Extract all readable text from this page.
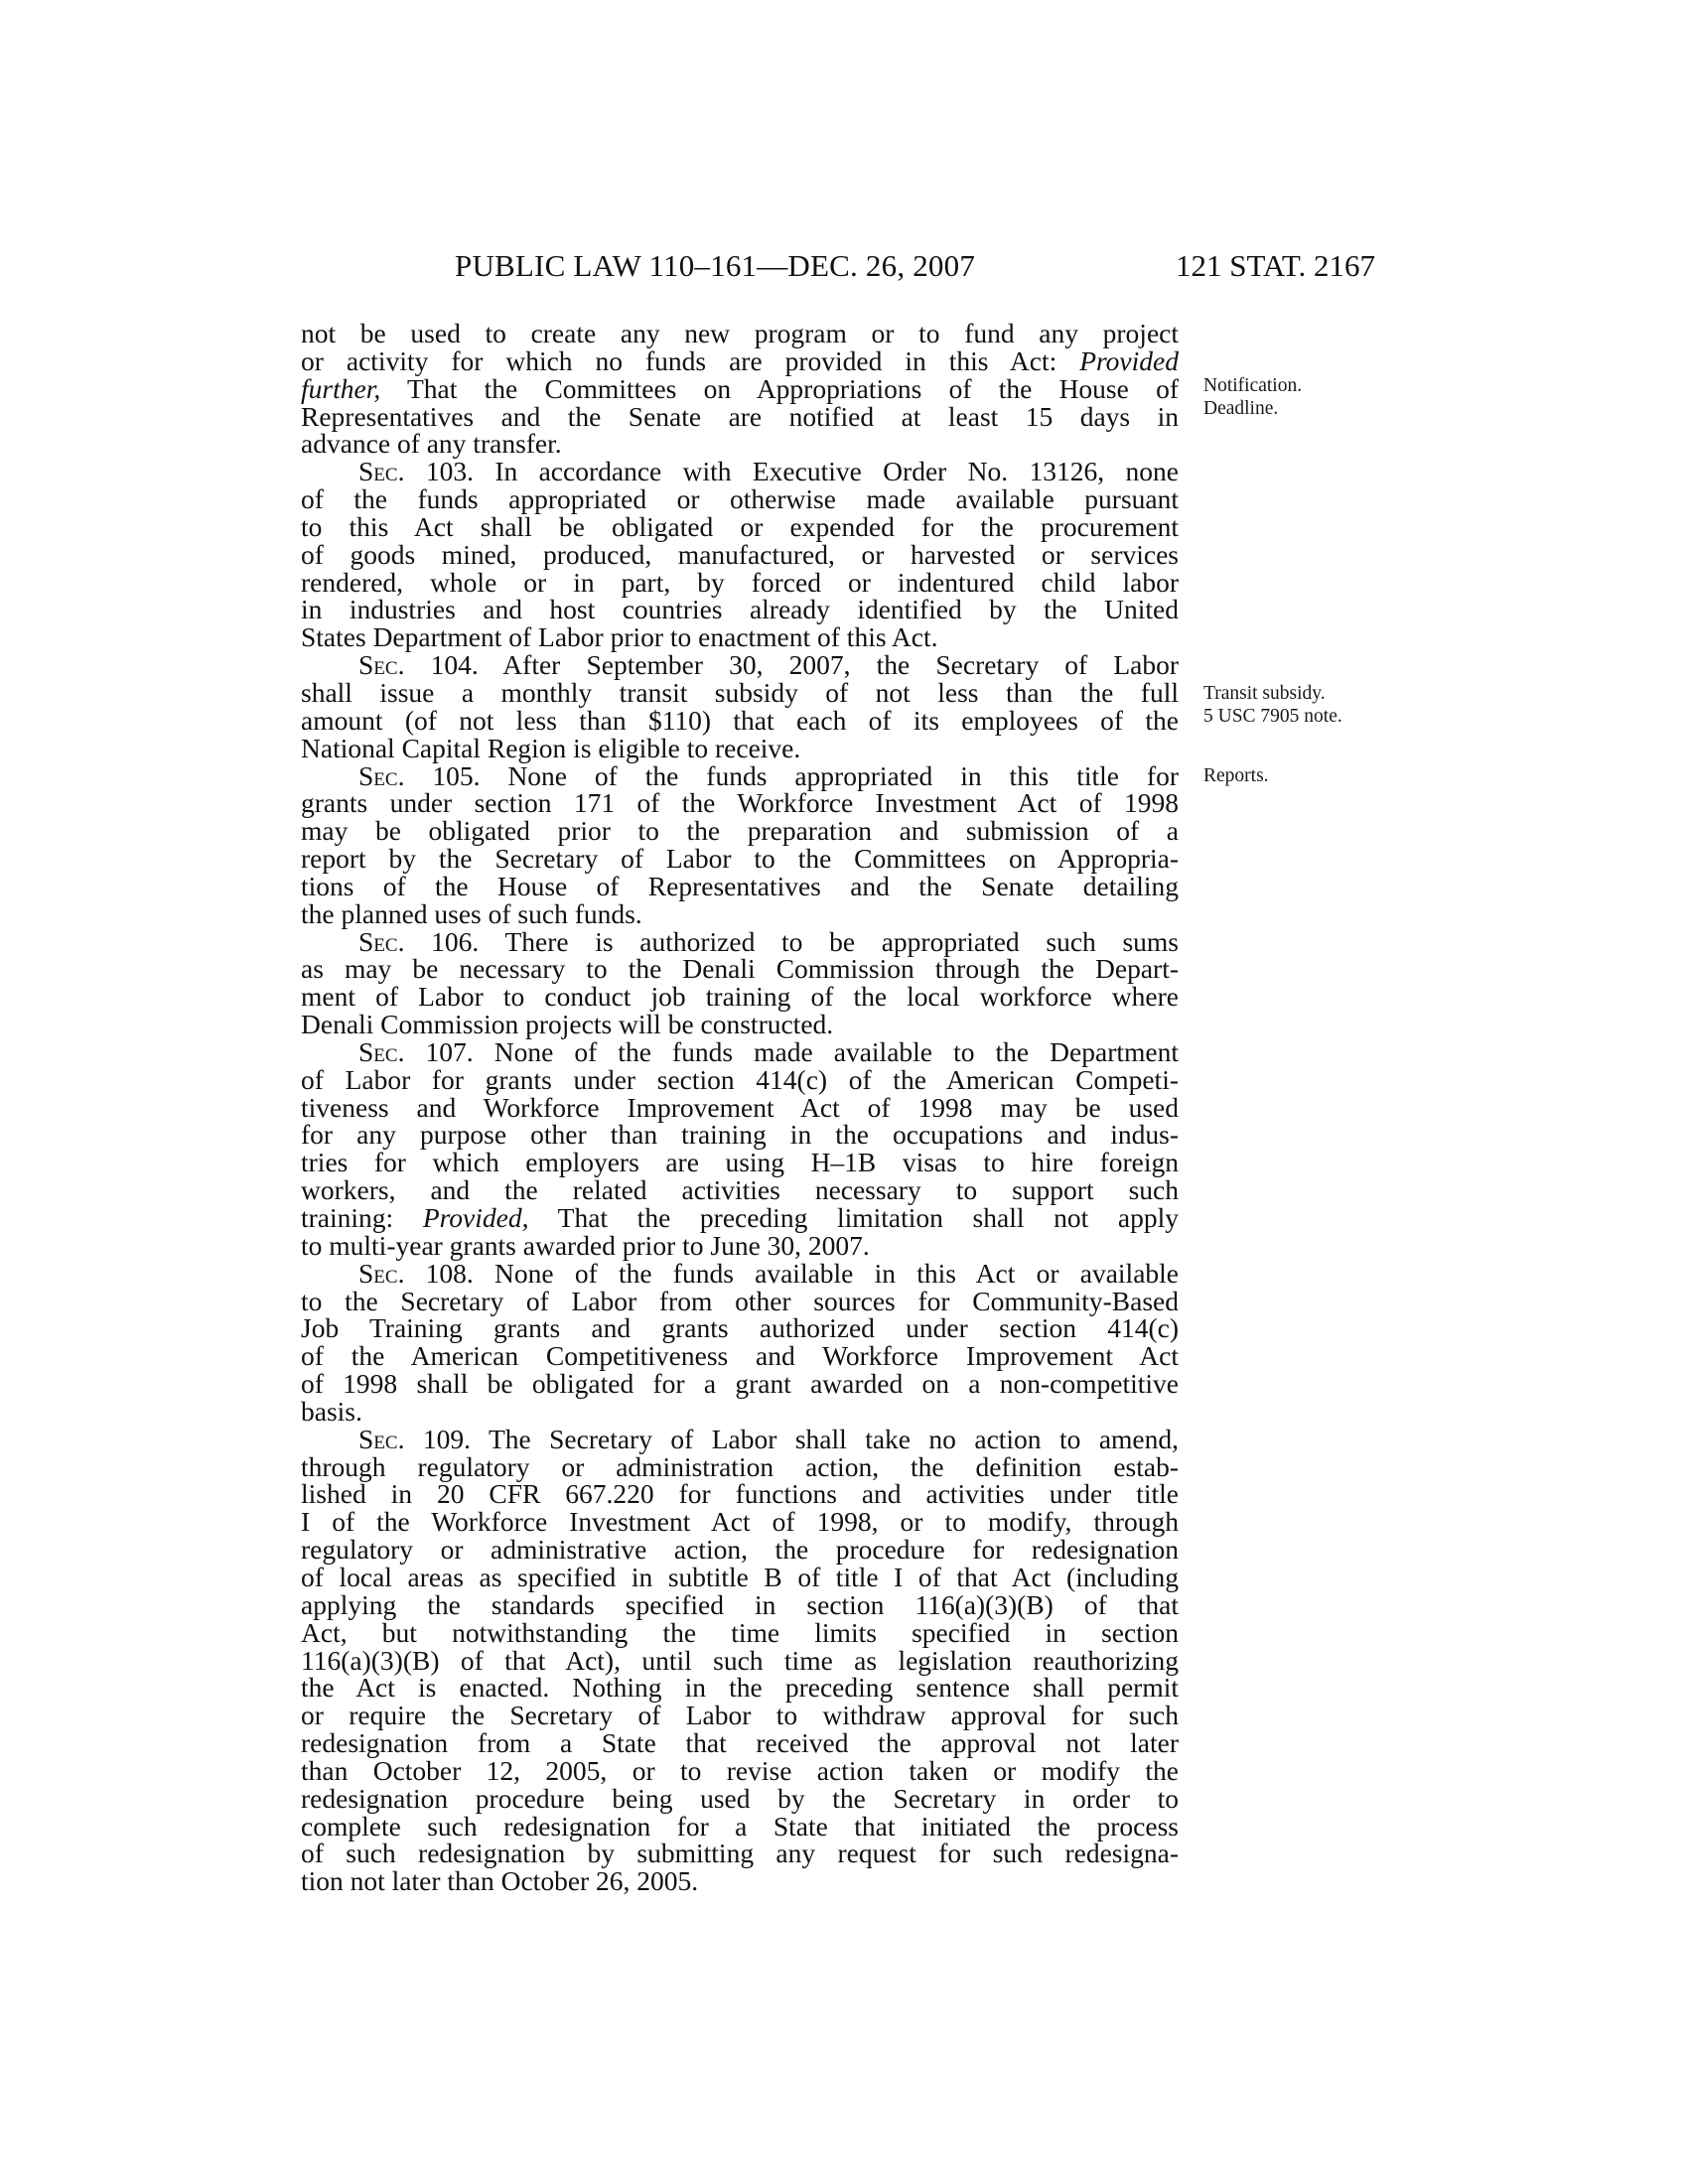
PUBLIC LAW 110–161—DEC. 26, 2007	121 STAT. 2167
Notification.
Deadline.
Transit subsidy.
5 USC 7905 note.
Reports.
not be used to create any new program or to fund any project
or activity for which no funds are provided in this Act: Provided
further, That the Committees on Appropriations of the House of
Representatives and the Senate are notified at least 15 days in
advance of any transfer.
Sec. 103. In accordance with Executive Order No. 13126, none
of the funds appropriated or otherwise made available pursuant
to this Act shall be obligated or expended for the procurement
of goods mined, produced, manufactured, or harvested or services
rendered, whole or in part, by forced or indentured child labor
in industries and host countries already identified by the United
States Department of Labor prior to enactment of this Act.
Sec. 104. After September 30, 2007, the Secretary of Labor
shall issue a monthly transit subsidy of not less than the full
amount (of not less than $110) that each of its employees of the
National Capital Region is eligible to receive.
Sec. 105. None of the funds appropriated in this title for
grants under section 171 of the Workforce Investment Act of 1998
may be obligated prior to the preparation and submission of a
report by the Secretary of Labor to the Committees on Appropria-
tions of the House of Representatives and the Senate detailing
the planned uses of such funds.
Sec. 106. There is authorized to be appropriated such sums
as may be necessary to the Denali Commission through the Depart-
ment of Labor to conduct job training of the local workforce where
Denali Commission projects will be constructed.
Sec. 107. None of the funds made available to the Department
of Labor for grants under section 414(c) of the American Competi-
tiveness and Workforce Improvement Act of 1998 may be used
for any purpose other than training in the occupations and indus-
tries for which employers are using H–1B visas to hire foreign
workers, and the related activities necessary to support such
training: Provided, That the preceding limitation shall not apply
to multi-year grants awarded prior to June 30, 2007.
Sec. 108. None of the funds available in this Act or available
to the Secretary of Labor from other sources for Community-Based
Job Training grants and grants authorized under section 414(c)
of the American Competitiveness and Workforce Improvement Act
of 1998 shall be obligated for a grant awarded on a non-competitive
basis.
Sec. 109. The Secretary of Labor shall take no action to amend,
through regulatory or administration action, the definition estab-
lished in 20 CFR 667.220 for functions and activities under title
I of the Workforce Investment Act of 1998, or to modify, through
regulatory or administrative action, the procedure for redesignation
of local areas as specified in subtitle B of title I of that Act (including
applying the standards specified in section 116(a)(3)(B) of that
Act, but notwithstanding the time limits specified in section
116(a)(3)(B) of that Act), until such time as legislation reauthorizing
the Act is enacted. Nothing in the preceding sentence shall permit
or require the Secretary of Labor to withdraw approval for such
redesignation from a State that received the approval not later
than October 12, 2005, or to revise action taken or modify the
redesignation procedure being used by the Secretary in order to
complete such redesignation for a State that initiated the process
of such redesignation by submitting any request for such redesigna-
tion not later than October 26, 2005.
